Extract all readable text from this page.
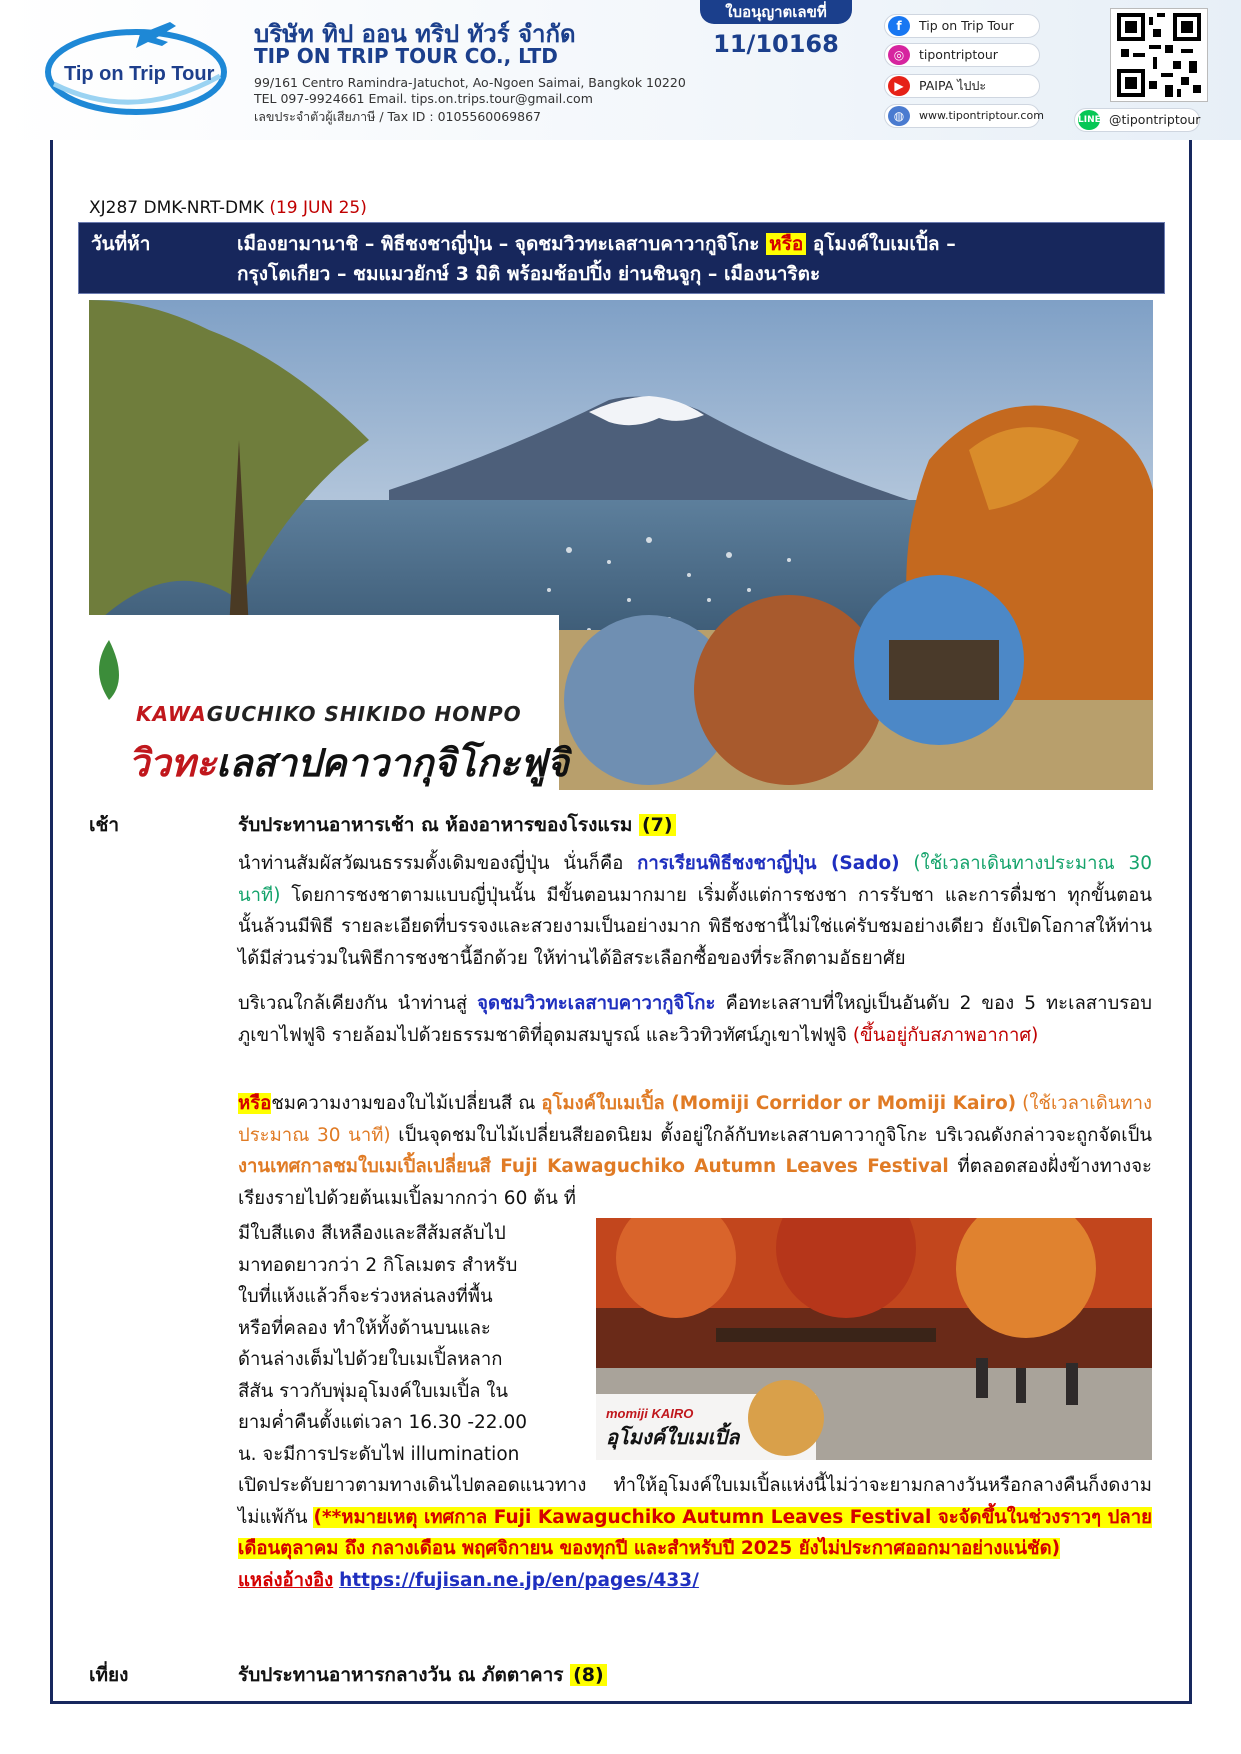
Tip on Trip Tour
บริษัท ทิป ออน ทริป ทัวร์ จำกัด
TIP ON TRIP TOUR CO., LTD
99/161 Centro Ramindra-Jatuchot, Ao-Ngoen Saimai, Bangkok 10220
TEL 097-9924661 Email. tips.on.trips.tour@gmail.com
เลขประจำตัวผู้เสียภาษี / Tax ID : 0105560069867
ใบอนุญาตเลขที่
11/10168
f	Tip on Trip Tour
◎	tipontriptour
▶	PAIPA ไปปะ
◍	www.tipontriptour.com	LINE @tipontriptour
XJ287 DMK-NRT-DMK (19 JUN 25)
วันที่ห้า	เมืองยามานาชิ – พิธีชงชาญี่ปุ่น – จุดชมวิวทะเลสาบคาวากูจิโกะ หรือ อุโมงค์ใบเมเปิ้ล –
กรุงโตเกียว – ชมแมวยักษ์ 3 มิติ พร้อมช้อปปิ้ง ย่านชินจูกุ – เมืองนาริตะ
KAWAGUCHIKO SHIKIDO HONPO
วิวทะเลสาปคาวากุจิโกะฟูจิ
เช้า	รับประทานอาหารเช้า ณ ห้องอาหารของโรงแรม (7)
นำท่านสัมผัสวัฒนธรรมดั้งเดิมของญี่ปุ่น นั่นก็คือ การเรียนพิธีชงชาญี่ปุ่น (Sado) (ใช้เวลาเดินทางประมาณ 30 นาที) โดยการชงชาตามแบบญี่ปุ่นนั้น มีขั้นตอนมากมาย เริ่มตั้งแต่การชงชา การรับชา และการดื่มชา ทุกขั้นตอน นั้นล้วนมีพิธี รายละเอียดที่บรรจงและสวยงามเป็นอย่างมาก พิธีชงชานี้ไม่ใช่แค่รับชมอย่างเดียว ยังเปิดโอกาสให้ท่านได้มีส่วนร่วมในพิธีการชงชานี้อีกด้วย ให้ท่านได้อิสระเลือกซื้อของที่ระลึกตามอัธยาศัย
บริเวณใกล้เคียงกัน นำท่านสู่ จุดชมวิวทะเลสาบคาวากูจิโกะ คือทะเลสาบที่ใหญ่เป็นอันดับ 2 ของ 5 ทะเลสาบรอบภูเขาไฟฟูจิ รายล้อมไปด้วยธรรมชาติที่อุดมสมบูรณ์ และวิวทิวทัศน์ภูเขาไฟฟูจิ (ขึ้นอยู่กับสภาพอากาศ)
หรือชมความงามของใบไม้เปลี่ยนสี ณ อุโมงค์ใบเมเปิ้ล (Momiji Corridor or Momiji Kairo) (ใช้เวลาเดินทางประมาณ 30 นาที) เป็นจุดชมใบไม้เปลี่ยนสียอดนิยม ตั้งอยู่ใกล้กับทะเลสาบคาวากูจิโกะ บริเวณดังกล่าวจะถูกจัดเป็นงานเทศกาลชมใบเมเปิ้ลเปลี่ยนสี Fuji Kawaguchiko Autumn Leaves Festival ที่ตลอดสองฝั่งข้างทางจะเรียงรายไปด้วยต้นเมเปิ้ลมากกว่า 60 ต้น ที่
มีใบสีแดง สีเหลืองและสีส้มสลับไป
มาทอดยาวกว่า 2 กิโลเมตร สำหรับ
ใบที่แห้งแล้วก็จะร่วงหล่นลงที่พื้น
หรือที่คลอง ทำให้ทั้งด้านบนและ
ด้านล่างเต็มไปด้วยใบเมเปิ้ลหลาก
สีสัน ราวกับพุ่มอุโมงค์ใบเมเปิ้ล ใน
ยามค่ำคืนตั้งแต่เวลา 16.30 -22.00
น. จะมีการประดับไฟ illumination
momiji KAIRO
อุโมงค์ใบเมเปิ้ล
เปิดประดับยาวตามทางเดินไปตลอดแนวทาง ทำให้อุโมงค์ใบเมเปิ้ลแห่งนี้ไม่ว่าจะยามกลางวันหรือกลางคืนก็งดงามไม่แพ้กัน (**หมายเหตุ เทศกาล Fuji Kawaguchiko Autumn Leaves Festival จะจัดขึ้นในช่วงราวๆ ปลายเดือนตุลาคม ถึง กลางเดือน พฤศจิกายน ของทุกปี และสำหรับปี 2025 ยังไม่ประกาศออกมาอย่างแน่ชัด)
แหล่งอ้างอิง https://fujisan.ne.jp/en/pages/433/
เที่ยง	รับประทานอาหารกลางวัน ณ ภัตตาคาร (8)
